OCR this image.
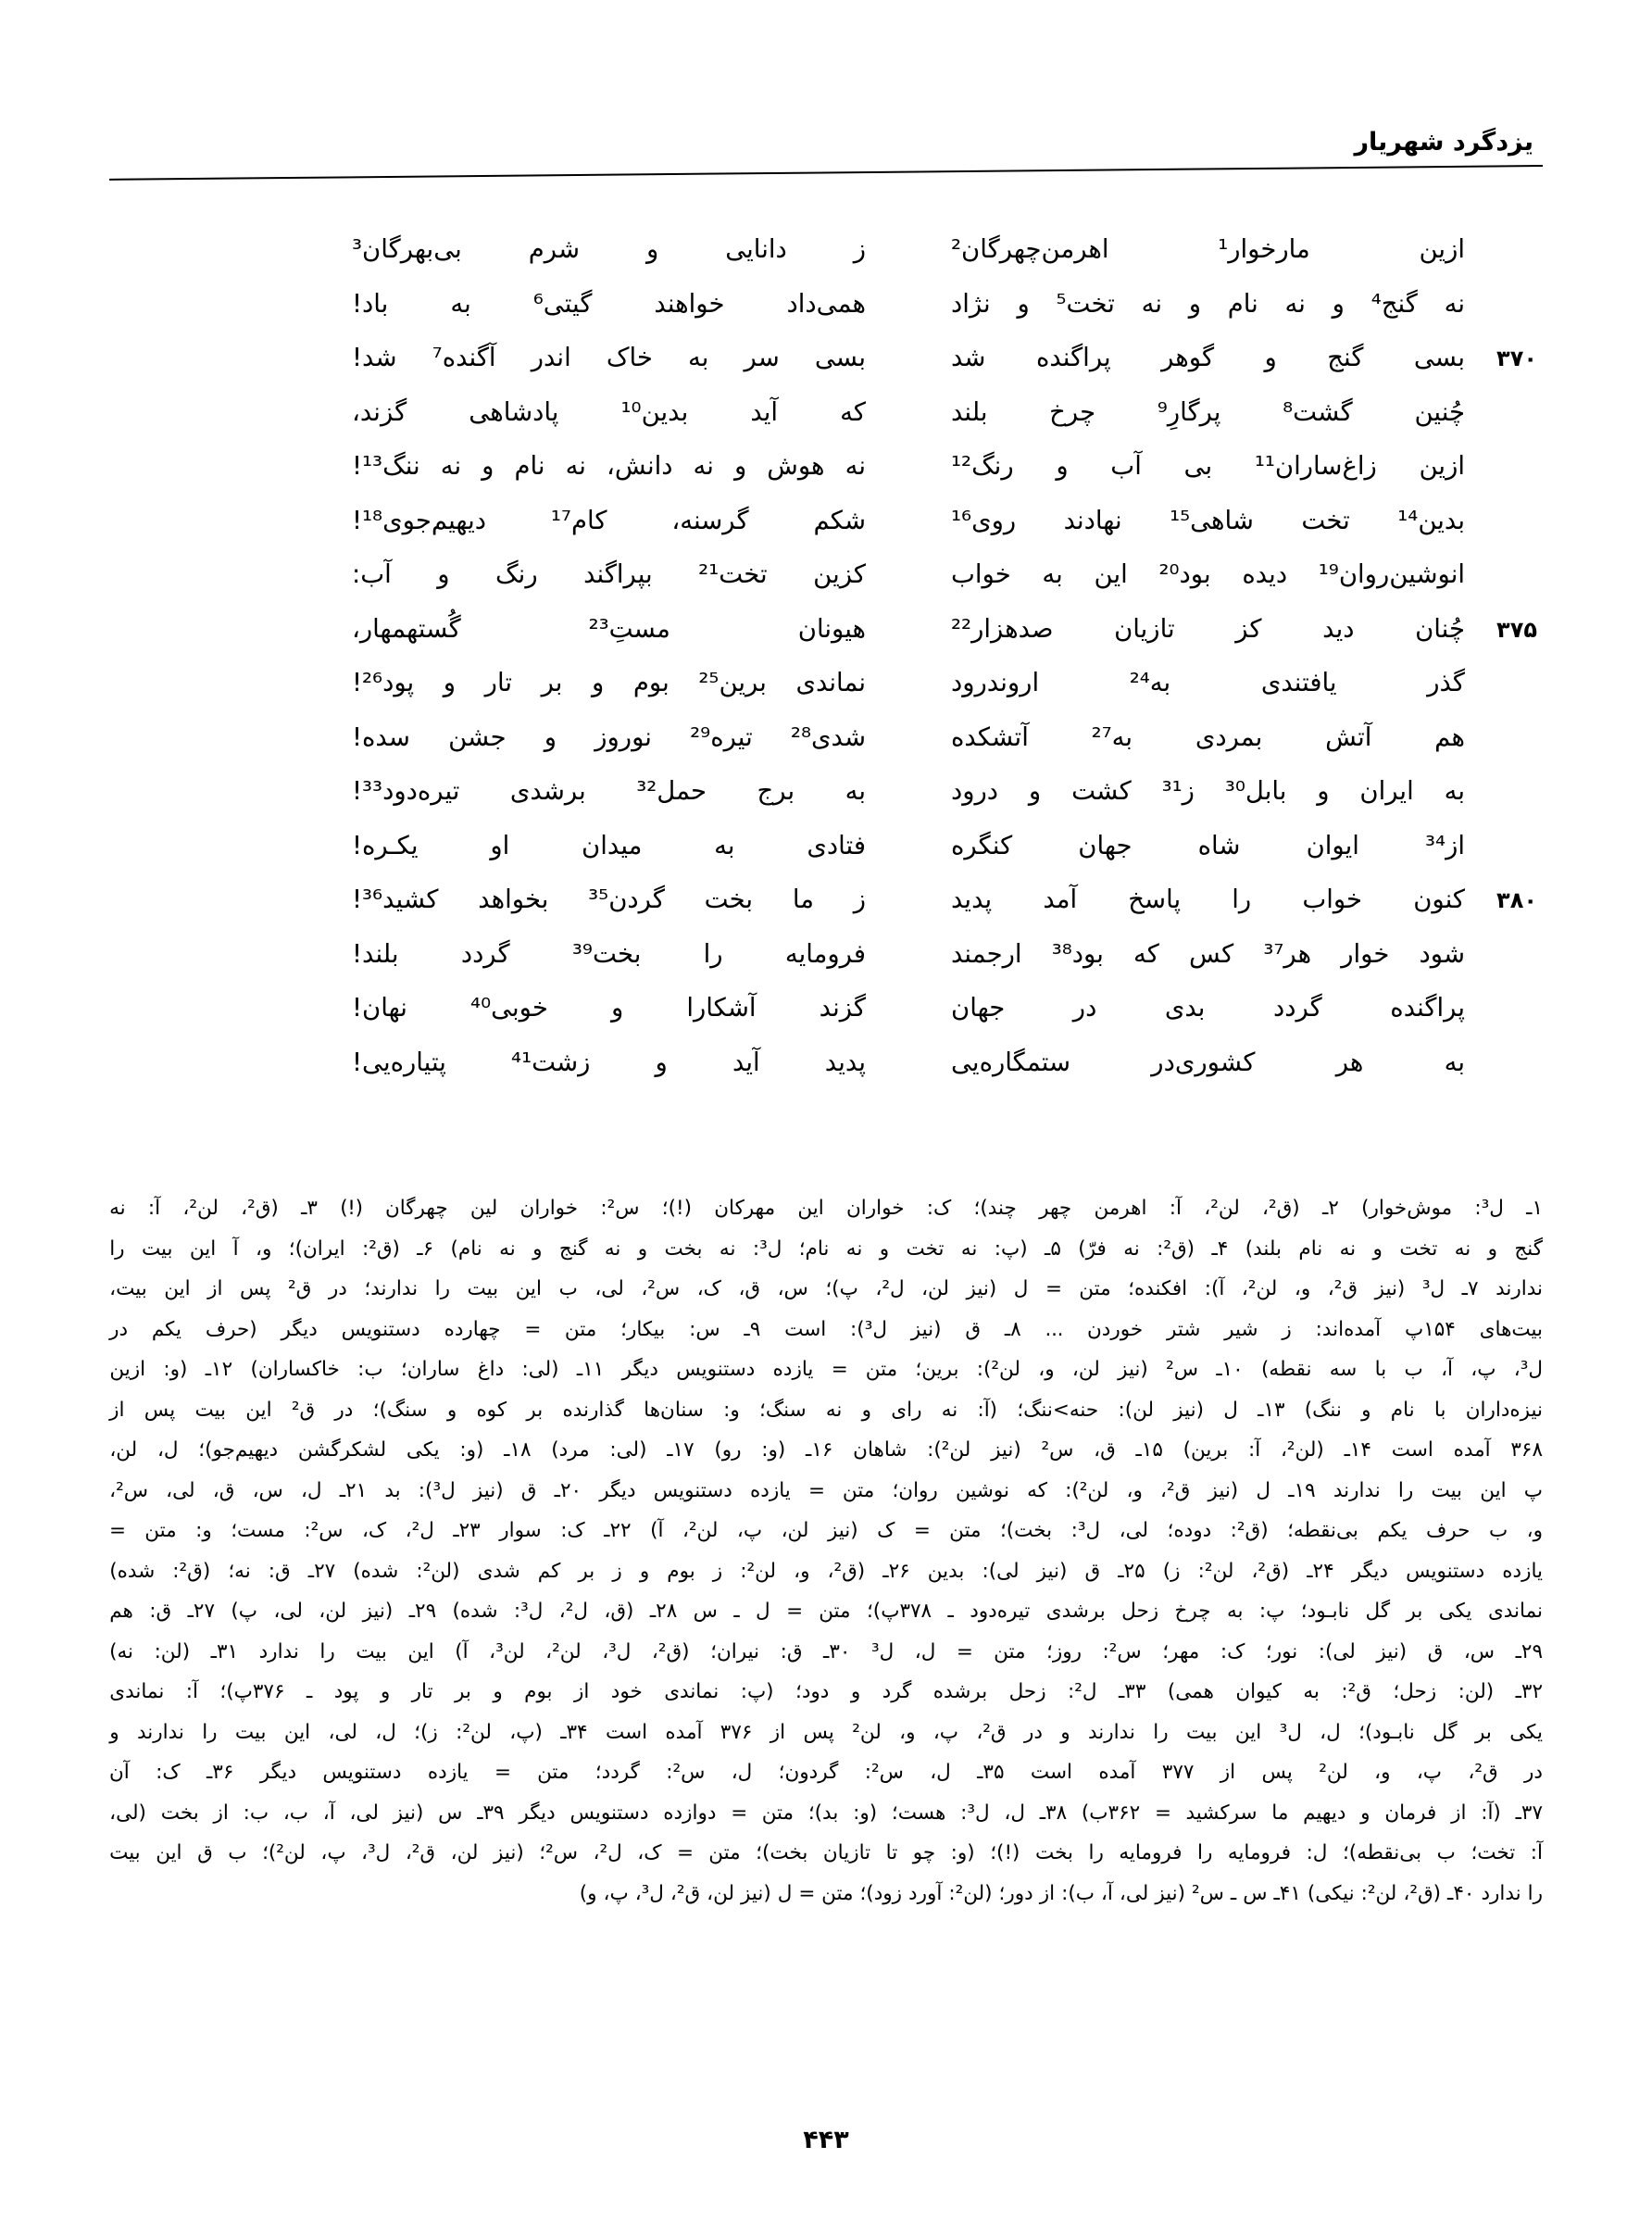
یزدگرد شهریار
ازین مارخوار¹ اهرمن‌چهرگان²
ز دانایی و شرم بی‌بهرگان³
نه گنج⁴ و نه نام و نه تخت⁵ و نژاد
همی‌داد خواهند گیتی⁶ به باد!
۳۷۰
بسی گنج و گوهر پراگنده شد
بسی سر به خاک اندر آگنده⁷ شد!
چُنین گشت⁸ پرگارِ⁹ چرخ بلند
که آید بدین¹⁰ پادشاهی گزند،
ازین زاغ‌ساران¹¹ بی آب و رنگ¹²
نه هوش و نه دانش، نه نام و نه ننگ¹³!
بدین¹⁴ تخت شاهی¹⁵ نهادند روی¹⁶
شکم گرسنه، کام¹⁷ دیهیم‌جوی¹⁸!
انوشین‌روان¹⁹ دیده بود²⁰ این به خواب
کزین تخت²¹ بپراگند رنگ و آب:
۳۷۵
چُنان دید کز تازیان صدهزار²²
هیونان مستِ²³ گُستهمهار،
گذر یافتندی به²⁴ اروندرود
نماندی برین²⁵ بوم و بر تار و پود²⁶!
هم آتش بمردی به²⁷ آتشکده
شدی²⁸ تیره²⁹ نوروز و جشن سده!
به ایران و بابل³⁰ ز³¹ کشت و درود
به برج حمل³² برشدی تیره‌دود³³!
از³⁴ ایوان شاه جهان کنگره
فتادی به میدان او یکـره!
۳۸۰
کنون خواب را پاسخ آمد پدید
ز ما بخت گردن³⁵ بخواهد کشید³⁶!
شود خوار هر³⁷ کس که بود³⁸ ارجمند
فرومایه را بخت³⁹ گردد بلند!
پراگنده گردد بدی در جهان
گزند آشکارا و خوبی⁴⁰ نهان!
به هر کشوری‌در ستمگاره‌یی
پدید آید و زشت⁴¹ پتیاره‌یی!
۱ـ
ل³:
موش‌خوار)
۲ـ
(ق²،
لن²،
آ:
اهرمن
چهر
چند)؛
ک:
خواران
این
مهرکان
(!)؛
س²:
خواران
لین
چهرگان
(!)
۳ـ
(ق²،
لن²،
آ:
نه
گنج
و
نه
تخت
و
نه
نام
بلند)
۴ـ
(ق²:
نه
فرّ)
۵ـ
(پ:
نه
تخت
و
نه
نام؛
ل³:
نه
بخت
و
نه
گنج
و
نه
نام)
۶ـ
(ق²:
ایران)؛
و،
آ
این
بیت
را
ندارند
۷ـ
ل³
(نیز
ق²،
و،
لن²،
آ):
افکنده؛
متن
=
ل
(نیز
لن،
ل²،
پ)؛
س،
ق،
ک،
س²،
لی،
ب
این
بیت
را
ندارند؛
در
ق²
پس
از
این
بیت،
بیت‌های
۱۵۴پ
آمده‌اند:
ز
شیر
شتر
خوردن
...
۸ـ
ق
(نیز
ل³):
است
۹ـ
س:
بیکار؛
متن
=
چهارده
دستنویس
دیگر
(حرف
یکم
در
ل³،
پ،
آ،
ب
با
سه
نقطه)
۱۰ـ
س²
(نیز
لن،
و،
لن²):
برین؛
متن
=
یازده
دستنویس
دیگر
۱۱ـ
(لی:
داغ
ساران؛
ب:
خاکساران)
۱۲ـ
(و:
ازین
نیزه‌داران
با
نام
و
ننگ)
۱۳ـ
ل
(نیز
لن):
حنه>ننگ؛
(آ:
نه
رای
و
نه
سنگ؛
و:
سنان‌ها
گذارنده
بر
کوه
و
سنگ)؛
در
ق²
این
بیت
پس
از
۳۶۸
آمده
است
۱۴ـ
(لن²،
آ:
برین)
۱۵ـ
ق،
س²
(نیز
لن²):
شاهان
۱۶ـ
(و:
رو)
۱۷ـ
(لی:
مرد)
۱۸ـ
(و:
یکی
لشکرگشن
دیهیم‌جو)؛
ل،
لن،
پ
این
بیت
را
ندارند
۱۹ـ
ل
(نیز
ق²،
و،
لن²):
که
نوشین
روان؛
متن
=
یازده
دستنویس
دیگر
۲۰ـ
ق
(نیز
ل³):
بد
۲۱ـ
ل،
س،
ق،
لی،
س²،
و،
ب
حرف
یکم
بی‌نقطه؛
(ق²:
دوده؛
لی،
ل³:
بخت)؛
متن
=
ک
(نیز
لن،
پ،
لن²،
آ)
۲۲ـ
ک:
سوار
۲۳ـ
ل²،
ک،
س²:
مست؛
و:
متن
=
یازده
دستنویس
دیگر
۲۴ـ
(ق²،
لن²:
ز)
۲۵ـ
ق
(نیز
لی):
بدین
۲۶ـ
(ق²،
و،
لن²:
ز
بوم
و
ز
بر
کم
شدی
(لن²:
شده)
۲۷ـ
ق:
نه؛
(ق²:
شده)
نماندی
یکی
بر
گل
نابـود؛
پ:
به
چرخ
زحل
برشدی
تیره‌دود
ـ
۳۷۸پ)؛
متن
=
ل
ـ
س
۲۸ـ
(ق،
ل²،
ل³:
شده)
۲۹ـ
(نیز
لن،
لی،
پ)
۲۷ـ
ق:
هم
۲۹ـ
س،
ق
(نیز
لی):
نور؛
ک:
مهر؛
س²:
روز؛
متن
=
ل،
ل³
۳۰ـ
ق:
نیران؛
(ق²،
ل³،
لن²،
لن³،
آ)
این
بیت
را
ندارد
۳۱ـ
(لن:
نه)
۳۲ـ
(لن:
زحل؛
ق²:
به
کیوان
همی)
۳۳ـ
ل²:
زحل
برشده
گرد
و
دود؛
(پ:
نماندی
خود
از
بوم
و
بر
تار
و
پود
ـ
۳۷۶پ)؛
آ:
نماندی
یکی
بر
گل
نابـود)؛
ل،
ل³
این
بیت
را
ندارند
و
در
ق²،
پ،
و،
لن²
پس
از
۳۷۶
آمده
است
۳۴ـ
(پ،
لن²:
ز)؛
ل،
لی،
این
بیت
را
ندارند
و
در
ق²،
پ،
و،
لن²
پس
از
۳۷۷
آمده
است
۳۵ـ
ل،
س²:
گردون؛
ل،
س²:
گردد؛
متن
=
یازده
دستنویس
دیگر
۳۶ـ
ک:
آن
۳۷ـ
(آ:
از
فرمان
و
دیهیم
ما
سرکشید
=
۳۶۲ب)
۳۸ـ
ل،
ل³:
هست؛
(و:
بد)؛
متن
=
دوازده
دستنویس
دیگر
۳۹ـ
س
(نیز
لی،
آ،
ب،
ب:
از
بخت
(لی،
آ:
تخت؛
ب
بی‌نقطه)؛
ل:
فرومایه
را
فرومایه
را
بخت
(!)؛
(و:
چو
تا
تازیان
بخت)؛
متن
=
ک،
ل²،
س²؛
(نیز
لن،
ق²،
ل³،
پ،
لن²)؛
ب
ق
این
بیت
را
ندارد
۴۰ـ
(ق²،
لن²:
نیکی)
۴۱ـ
س
ـ
س²
(نیز
لی،
آ،
ب):
از
دور؛
(لن²:
آورد
زود)؛
متن
=
ل
(نیز
لن،
ق²،
ل³،
پ،
و)
۴۴۳
